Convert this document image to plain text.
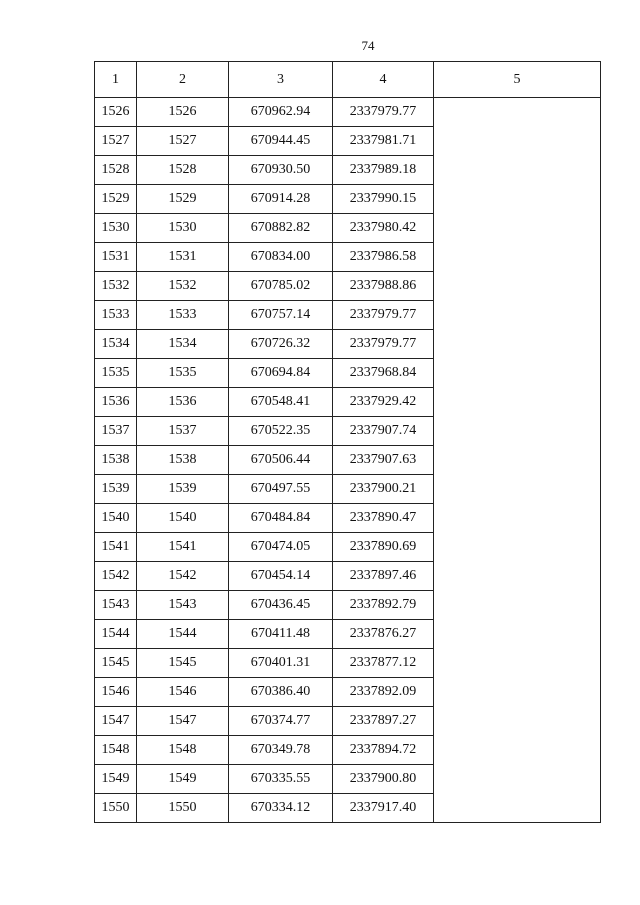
74
1	2	3	4	5
1526	1526	670962.94	2337979.77	
1527	1527	670944.45	2337981.71	
1528	1528	670930.50	2337989.18	
1529	1529	670914.28	2337990.15	
1530	1530	670882.82	2337980.42	
1531	1531	670834.00	2337986.58	
1532	1532	670785.02	2337988.86	
1533	1533	670757.14	2337979.77	
1534	1534	670726.32	2337979.77	
1535	1535	670694.84	2337968.84	
1536	1536	670548.41	2337929.42	
1537	1537	670522.35	2337907.74	
1538	1538	670506.44	2337907.63	
1539	1539	670497.55	2337900.21	
1540	1540	670484.84	2337890.47	
1541	1541	670474.05	2337890.69	
1542	1542	670454.14	2337897.46	
1543	1543	670436.45	2337892.79	
1544	1544	670411.48	2337876.27	
1545	1545	670401.31	2337877.12	
1546	1546	670386.40	2337892.09	
1547	1547	670374.77	2337897.27	
1548	1548	670349.78	2337894.72	
1549	1549	670335.55	2337900.80	
1550	1550	670334.12	2337917.40	
